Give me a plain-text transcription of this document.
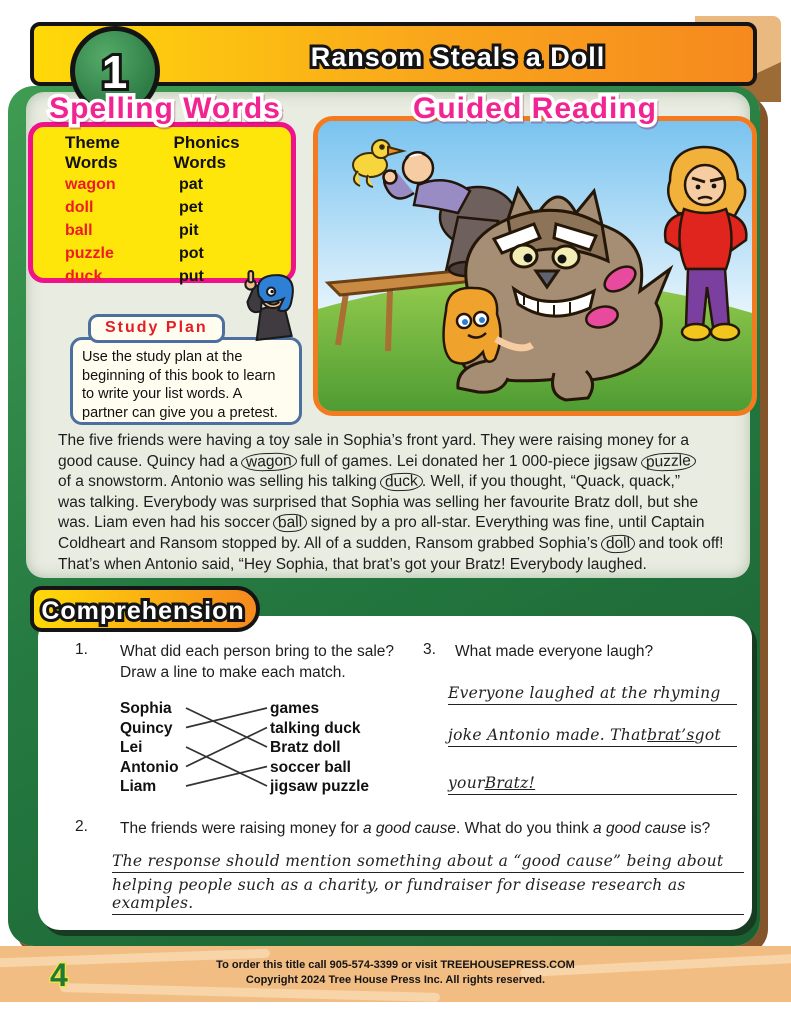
1	Ransom Steals a Doll
Spelling Words
Theme Words
Phonics Words
wagon	pat
doll	pet
ball	pit
puzzle	pot
duck	put
Study Plan
Use the study plan at the beginning of this book to learn to write your list words. A partner can give you a pretest.
Guided Reading
The five friends were having a toy sale in Sophia’s front yard. They were raising money for a
good cause. Quincy had a wagon full of games. Lei donated her 1 000-piece jigsaw puzzle
of a snowstorm. Antonio was selling his talking duck . Well, if you thought, “Quack, quack,”
was talking. Everybody was surprised that Sophia was selling her favourite Bratz doll, but she
was. Liam even had his soccer ball signed by a pro all-star. Everything was fine, until Captain
Coldheart and Ransom stopped by. All of a sudden, Ransom grabbed Sophia’s doll and took off!
That’s when Antonio said, “Hey Sophia, that brat’s got your Bratz! Everybody laughed.
Comprehension
1. What did each person bring to the sale?
Draw a line to make each match.
Sophia
Quincy
Lei
Antonio
Liam
games
talking duck
Bratz doll
soccer ball
jigsaw puzzle
3. What made everyone laugh?
Everyone laughed at the rhyming
joke Antonio made. That brat’s got
your Bratz!
2. The friends were raising money for a good cause. What do you think a good cause is?
The response should mention something about a “good cause” being about
helping people such as a charity, or fundraiser for disease research as examples.
4	To order this title call 905-574-3399 or visit TREEHOUSEPRESS.COM
Copyright 2024 Tree House Press Inc. All rights reserved.
